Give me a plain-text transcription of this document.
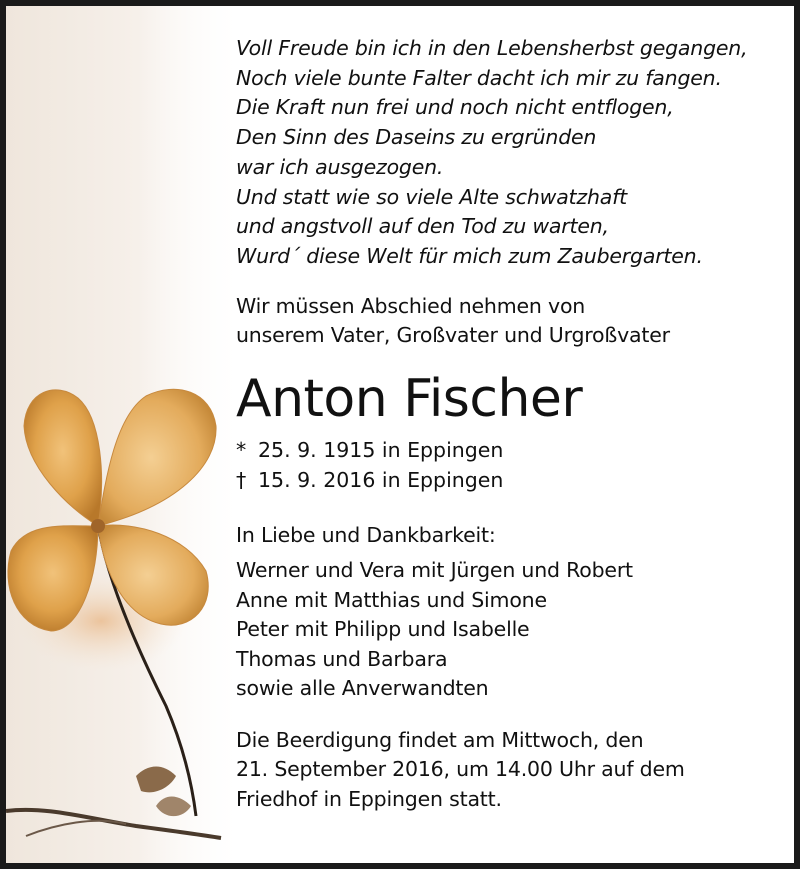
Voll Freude bin ich in den Lebensherbst gegangen,
Noch viele bunte Falter dacht ich mir zu fangen.
Die Kraft nun frei und noch nicht entflogen,
Den Sinn des Daseins zu ergründen
war ich ausgezogen.
Und statt wie so viele Alte schwatzhaft
und angstvoll auf den Tod zu warten,
Wurd´ diese Welt für mich zum Zaubergarten.
Wir müssen Abschied nehmen von
unserem Vater, Großvater und Urgroßvater
Anton Fischer
* 25. 9. 1915 in Eppingen
† 15. 9. 2016 in Eppingen
In Liebe und Dankbarkeit:
Werner und Vera mit Jürgen und Robert
Anne mit Matthias und Simone
Peter mit Philipp und Isabelle
Thomas und Barbara
sowie alle Anverwandten
Die Beerdigung findet am Mittwoch, den
21. September 2016, um 14.00 Uhr auf dem
Friedhof in Eppingen statt.
